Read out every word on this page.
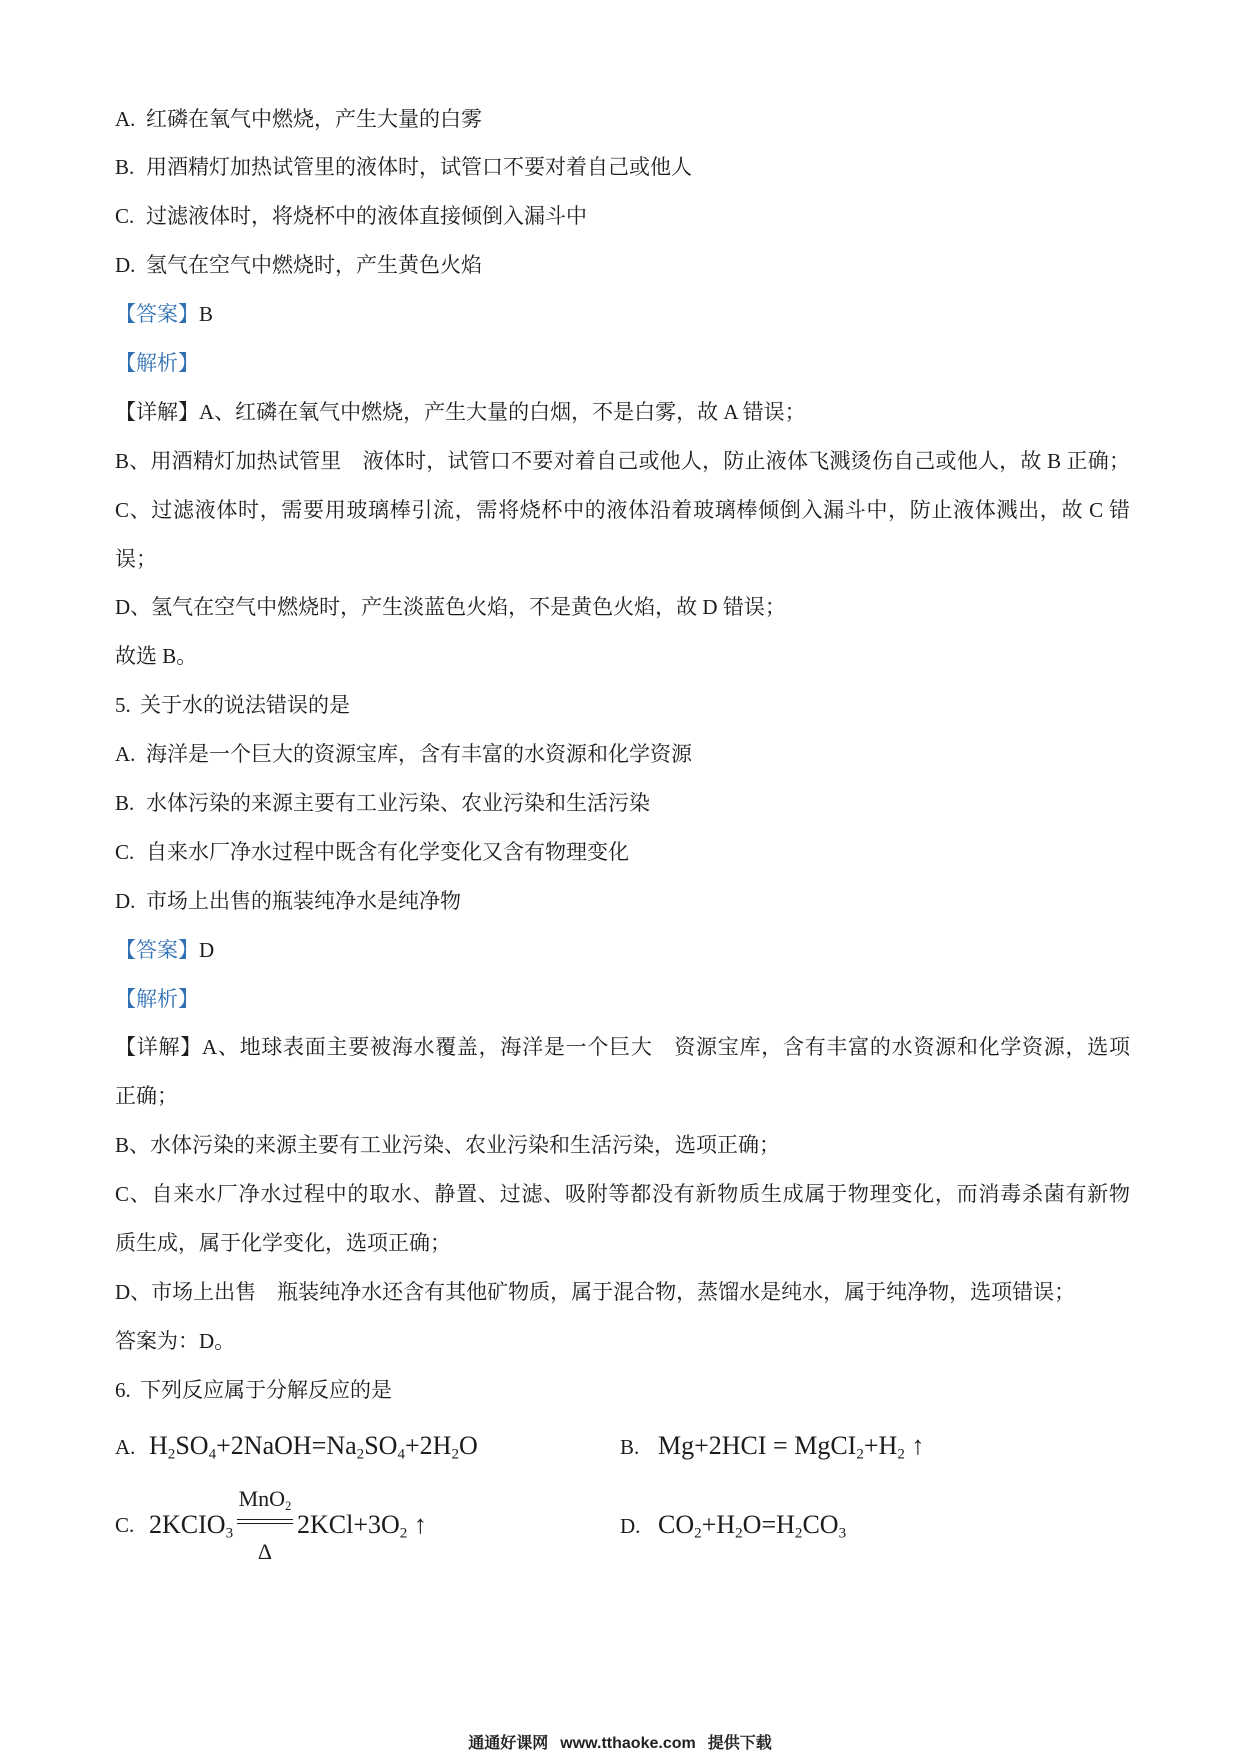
A. 红磷在氧气中燃烧，产生大量的白雾
B. 用酒精灯加热试管里的液体时，试管口不要对着自己或他人
C. 过滤液体时，将烧杯中的液体直接倾倒入漏斗中
D. 氢气在空气中燃烧时，产生黄色火焰
【答案】B
【解析】
【详解】A、红磷在氧气中燃烧，产生大量的白烟，不是白雾，故 A 错误；
B、用酒精灯加热试管里　液体时，试管口不要对着自己或他人，防止液体飞溅烫伤自己或他人，故 B 正确；
C、过滤液体时，需要用玻璃棒引流，需将烧杯中的液体沿着玻璃棒倾倒入漏斗中，防止液体溅出，故 C 错
误；
D、氢气在空气中燃烧时，产生淡蓝色火焰，不是黄色火焰，故 D 错误；
故选 B。
5. 关于水的说法错误的是
A. 海洋是一个巨大的资源宝库，含有丰富的水资源和化学资源
B. 水体污染的来源主要有工业污染、农业污染和生活污染
C. 自来水厂净水过程中既含有化学变化又含有物理变化
D. 市场上出售的瓶装纯净水是纯净物
【答案】D
【解析】
【详解】A、地球表面主要被海水覆盖，海洋是一个巨大　资源宝库，含有丰富的水资源和化学资源，选项
正确；
B、水体污染的来源主要有工业污染、农业污染和生活污染，选项正确；
C、自来水厂净水过程中的取水、静置、过滤、吸附等都没有新物质生成属于物理变化，而消毒杀菌有新物
质生成，属于化学变化，选项正确；
D、市场上出售　瓶装纯净水还含有其他矿物质，属于混合物，蒸馏水是纯水，属于纯净物，选项错误；
答案为：D。
6. 下列反应属于分解反应的是
A. $H_2SO_4+2NaOH=Na_2SO_4+2H_2O$	B. $Mg+2HCI = MgCI_2+H_2$ ↑
C. $2KCIO_3$
MnO$_2$
Δ
$2KCl+3O_2$ ↑	D. $CO_2+H_2O=H_2CO_3$
通通好课网 www.tthaoke.com 提供下载
